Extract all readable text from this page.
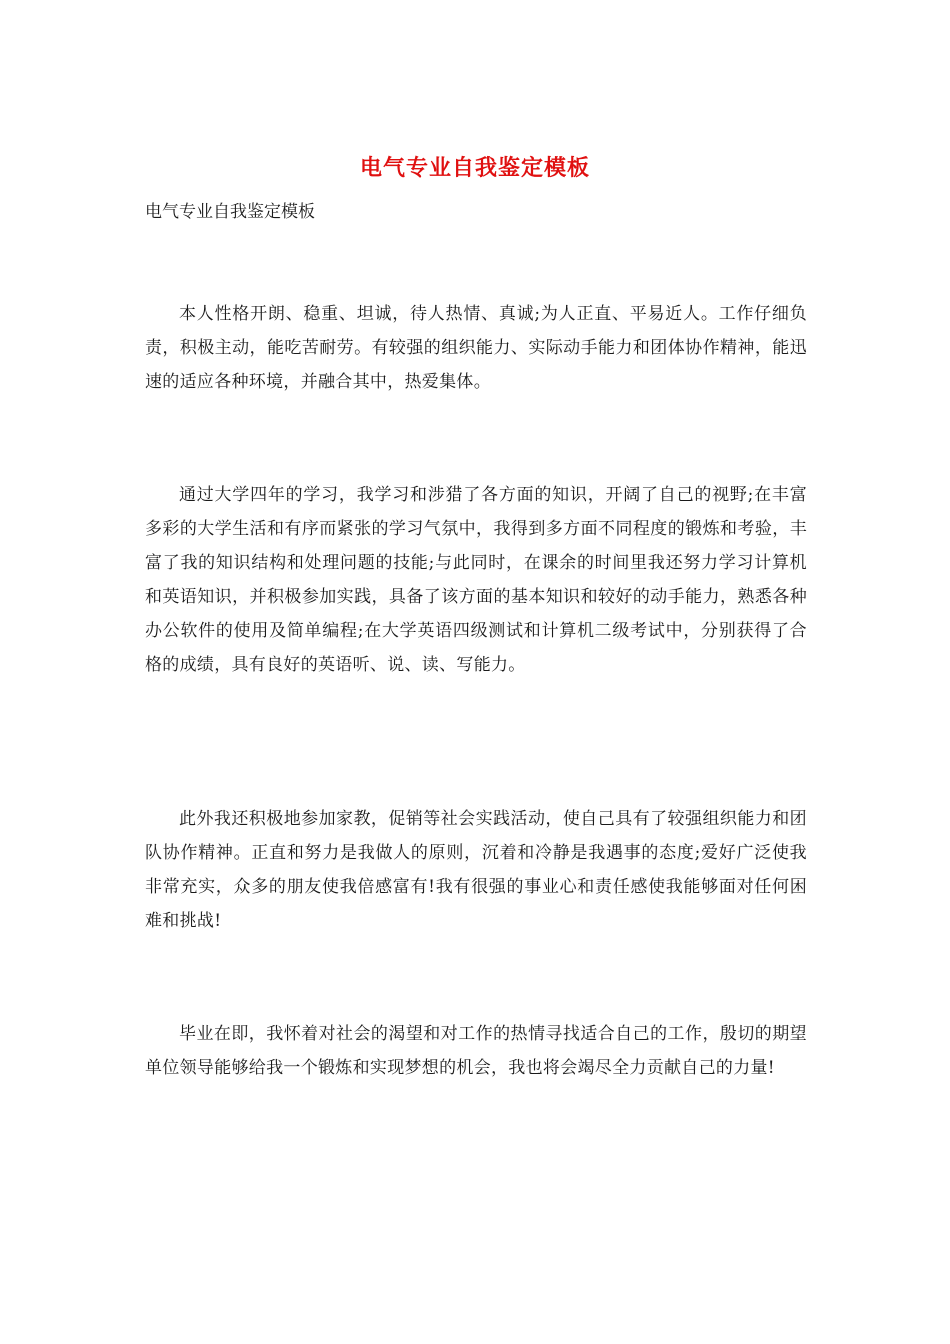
电气专业自我鉴定模板

电气专业自我鉴定模板

本人性格开朗、稳重、坦诚，待人热情、真诚;为人正直、平易近人。工作仔细负责，积极主动，能吃苦耐劳。有较强的组织能力、实际动手能力和团体协作精神，能迅速的适应各种环境，并融合其中，热爱集体。

通过大学四年的学习，我学习和涉猎了各方面的知识，开阔了自己的视野;在丰富多彩的大学生活和有序而紧张的学习气氛中，我得到多方面不同程度的锻炼和考验，丰富了我的知识结构和处理问题的技能;与此同时，在课余的时间里我还努力学习计算机和英语知识，并积极参加实践，具备了该方面的基本知识和较好的动手能力，熟悉各种办公软件的使用及简单编程;在大学英语四级测试和计算机二级考试中，分别获得了合格的成绩，具有良好的英语听、说、读、写能力。

此外我还积极地参加家教，促销等社会实践活动，使自己具有了较强组织能力和团队协作精神。正直和努力是我做人的原则，沉着和冷静是我遇事的态度;爱好广泛使我非常充实，众多的朋友使我倍感富有!我有很强的事业心和责任感使我能够面对任何困难和挑战!

毕业在即，我怀着对社会的渴望和对工作的热情寻找适合自己的工作，殷切的期望单位领导能够给我一个锻炼和实现梦想的机会，我也将会竭尽全力贡献自己的力量!
